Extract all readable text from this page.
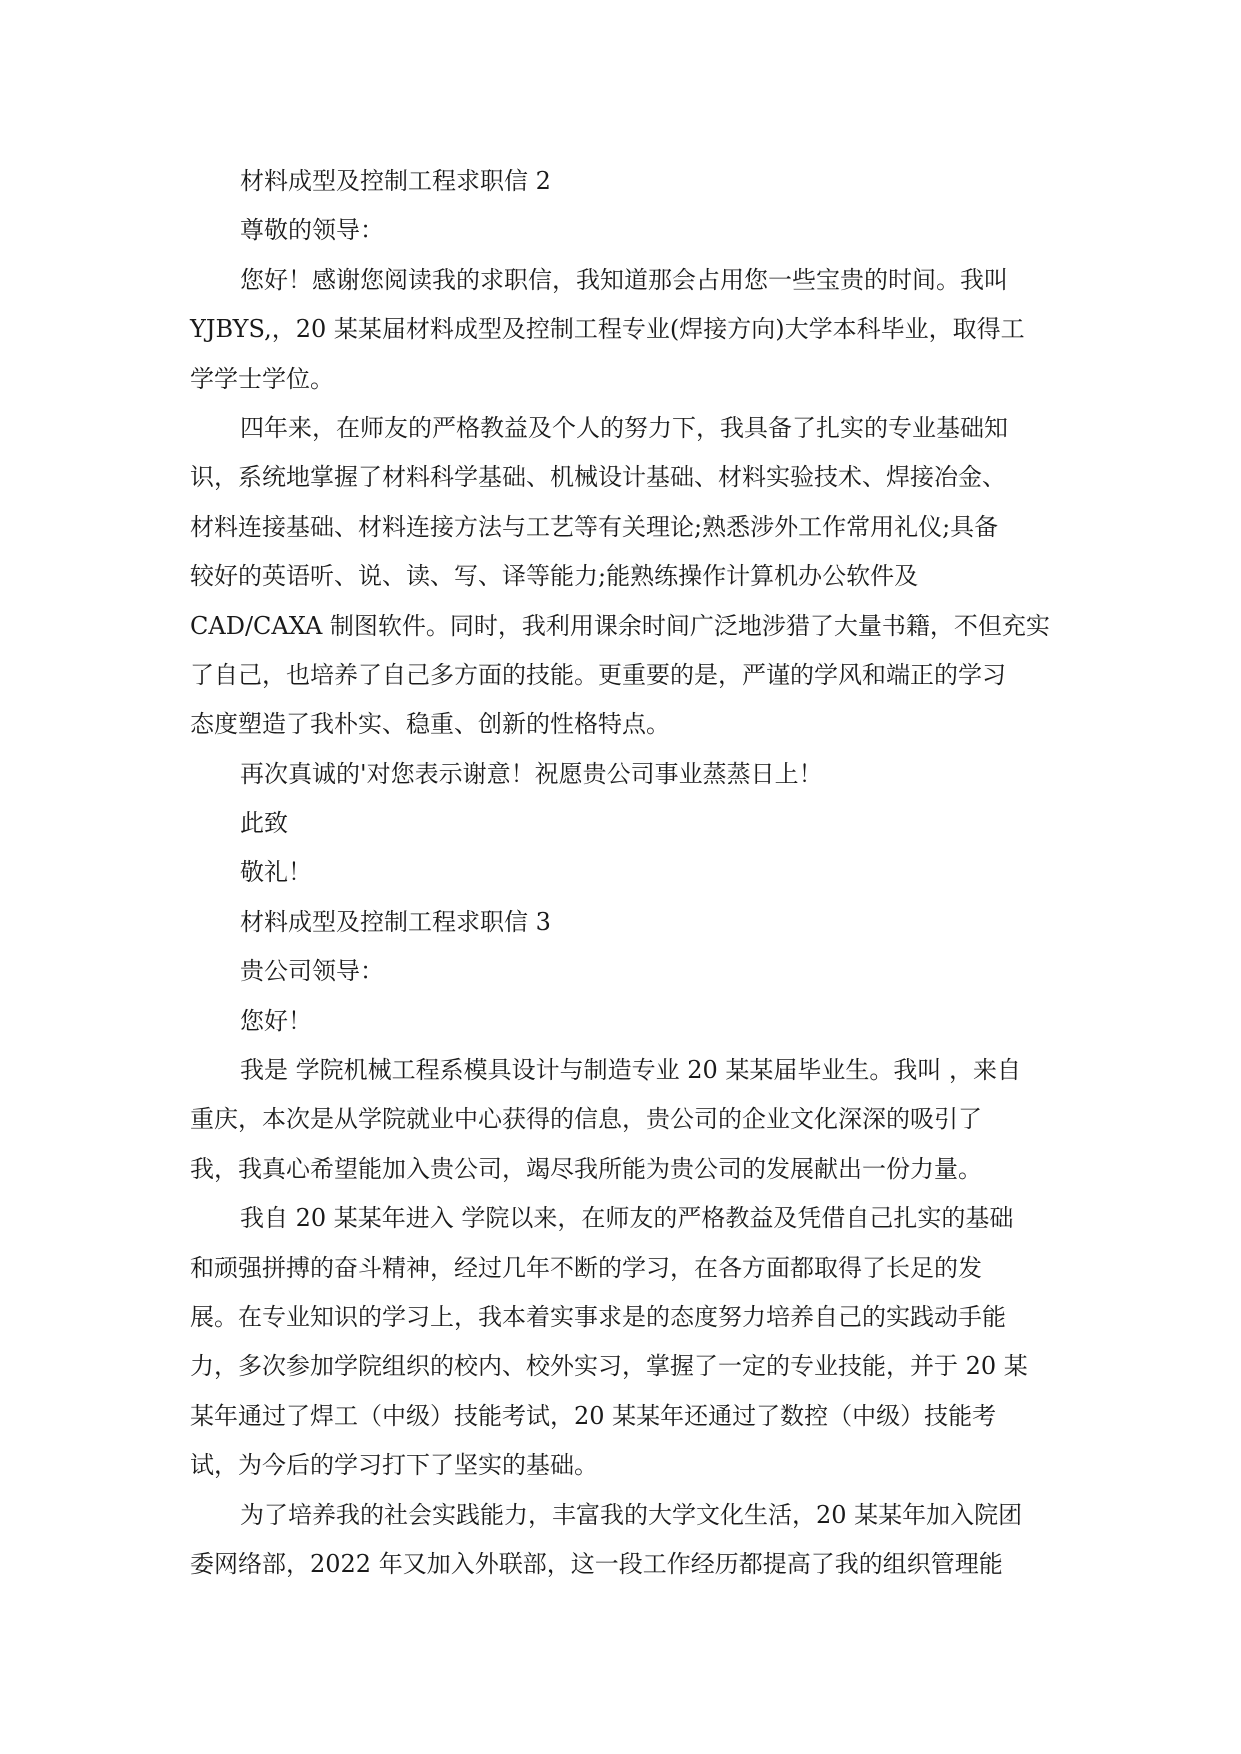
材料成型及控制工程求职信 2
尊敬的领导：
您好！感谢您阅读我的求职信，我知道那会占用您一些宝贵的时间。我叫
YJBYS,，20 某某届材料成型及控制工程专业(焊接方向)大学本科毕业，取得工
学学士学位。
四年来，在师友的严格教益及个人的努力下，我具备了扎实的专业基础知
识，系统地掌握了材料科学基础、机械设计基础、材料实验技术、焊接冶金、
材料连接基础、材料连接方法与工艺等有关理论;熟悉涉外工作常用礼仪;具备
较好的英语听、说、读、写、译等能力;能熟练操作计算机办公软件及
CAD/CAXA 制图软件。同时，我利用课余时间广泛地涉猎了大量书籍，不但充实
了自己，也培养了自己多方面的技能。更重要的是，严谨的学风和端正的学习
态度塑造了我朴实、稳重、创新的性格特点。
再次真诚的'对您表示谢意！祝愿贵公司事业蒸蒸日上！
此致
敬礼！
材料成型及控制工程求职信 3
贵公司领导：
您好！
我是 学院机械工程系模具设计与制造专业 20 某某届毕业生。我叫 ，来自
重庆，本次是从学院就业中心获得的信息，贵公司的企业文化深深的吸引了
我，我真心希望能加入贵公司，竭尽我所能为贵公司的发展献出一份力量。
我自 20 某某年进入 学院以来，在师友的严格教益及凭借自己扎实的基础
和顽强拼搏的奋斗精神，经过几年不断的学习，在各方面都取得了长足的发
展。在专业知识的学习上，我本着实事求是的态度努力培养自己的实践动手能
力，多次参加学院组织的校内、校外实习，掌握了一定的专业技能，并于 20 某
某年通过了焊工（中级）技能考试，20 某某年还通过了数控（中级）技能考
试，为今后的学习打下了坚实的基础。
为了培养我的社会实践能力，丰富我的大学文化生活，20 某某年加入院团
委网络部，2022 年又加入外联部，这一段工作经历都提高了我的组织管理能
